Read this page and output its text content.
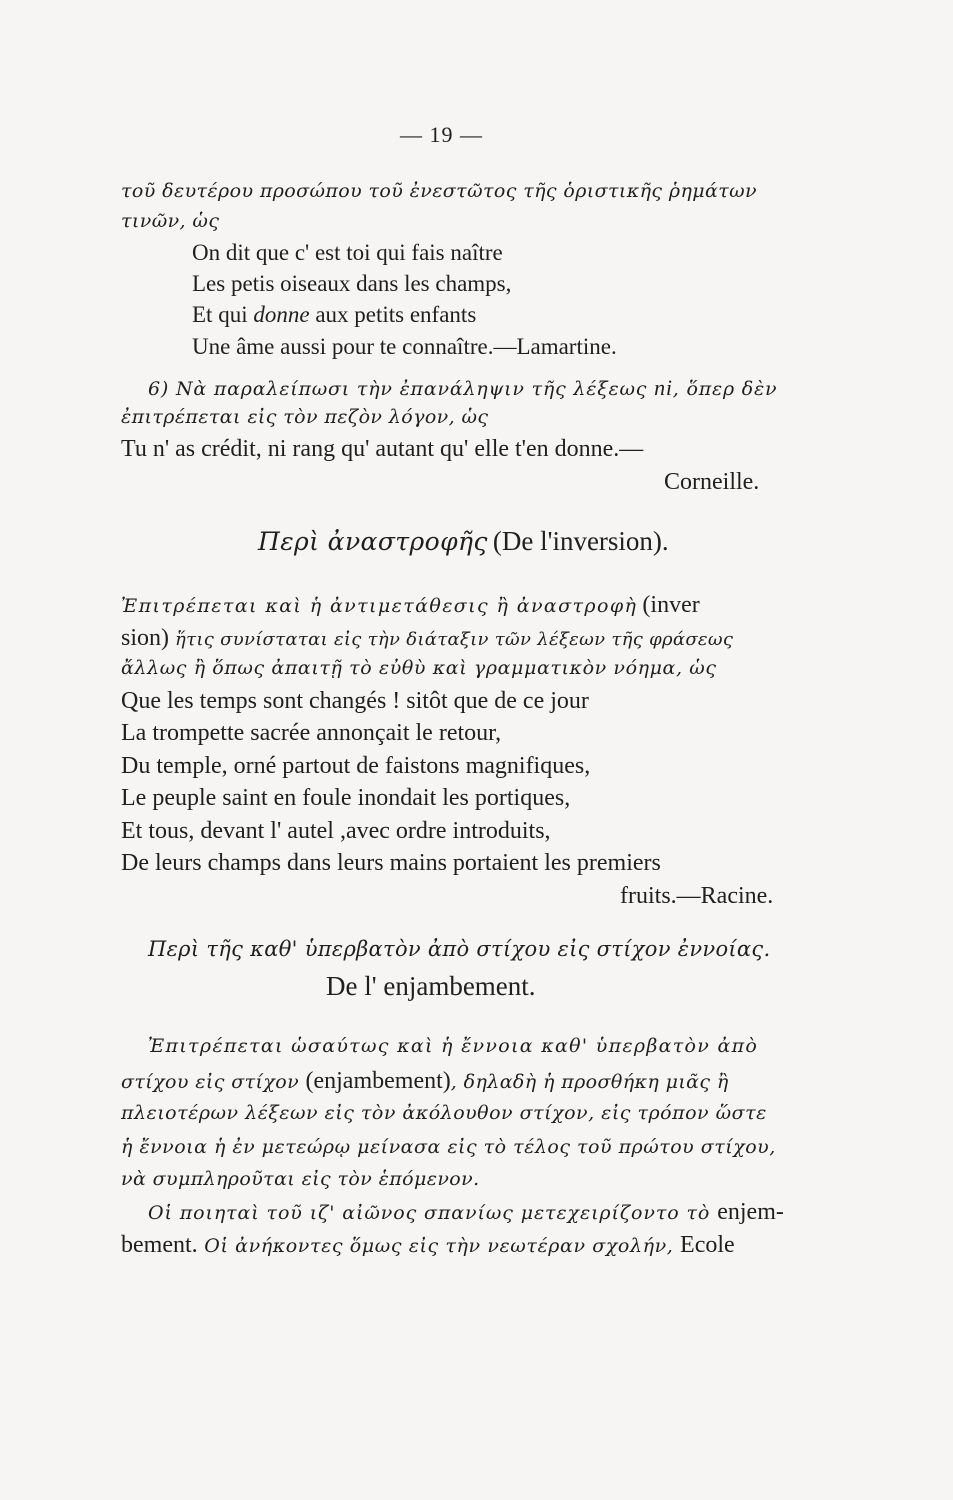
— 19 —
τοῦ δευτέρου προσώπου τοῦ ἐνεστῶτος τῆς ὁριστικῆς ῥημάτων
τινῶν, ὡς
On dit que c' est toi qui fais naître
Les petis oiseaux dans les champs,
Et qui donne aux petits enfants
Une âme aussi pour te connaître.—Lamartine.
6) Νὰ παραλείπωσι τὴν ἐπανάληψιν τῆς λέξεως ni, ὅπερ δὲν
ἐπιτρέπεται εἰς τὸν πεζὸν λόγον, ὡς
Tu n' as crédit, ni rang qu' autant qu' elle t'en donne.—
Corneille.
Περὶ ἀναστροφῆς (De l'inversion).
Ἐπιτρέπεται καὶ ἡ ἀντιμετάθεσις ἢ ἀναστροφὴ (inver
sion) ἥτις συνίσταται εἰς τὴν διάταξιν τῶν λέξεων τῆς φράσεως
ἄλλως ἢ ὅπως ἀπαιτῇ τὸ εὐθὺ καὶ γραμματικὸν νόημα, ὡς
Que les temps sont changés ! sitôt que de ce jour
La trompette sacrée annonçait le retour,
Du temple, orné partout de faistons magnifiques,
Le peuple saint en foule inondait les portiques,
Et tous, devant l' autel ,avec ordre introduits,
De leurs champs dans leurs mains portaient les premiers
fruits.—Racine.
Περὶ τῆς καθ' ὑπερβατὸν ἀπὸ στίχου εἰς στίχον ἐννοίας.
De l' enjambement.
Ἐπιτρέπεται ὡσαύτως καὶ ἡ ἔννοια καθ' ὑπερβατὸν ἀπὸ
στίχου εἰς στίχον (enjambement), δηλαδὴ ἡ προσθήκη μιᾶς ἢ
πλειοτέρων λέξεων εἰς τὸν ἀκόλουθον στίχον, εἰς τρόπον ὥστε
ἡ ἔννοια ἡ ἐν μετεώρῳ μείνασα εἰς τὸ τέλος τοῦ πρώτου στίχου,
νὰ συμπληροῦται εἰς τὸν ἑπόμενον.
Οἱ ποιηταὶ τοῦ ιζ' αἰῶνος σπανίως μετεχειρίζοντο τὸ enjem-
bement. Οἱ ἀνήκοντες ὅμως εἰς τὴν νεωτέραν σχολήν, Ecole
